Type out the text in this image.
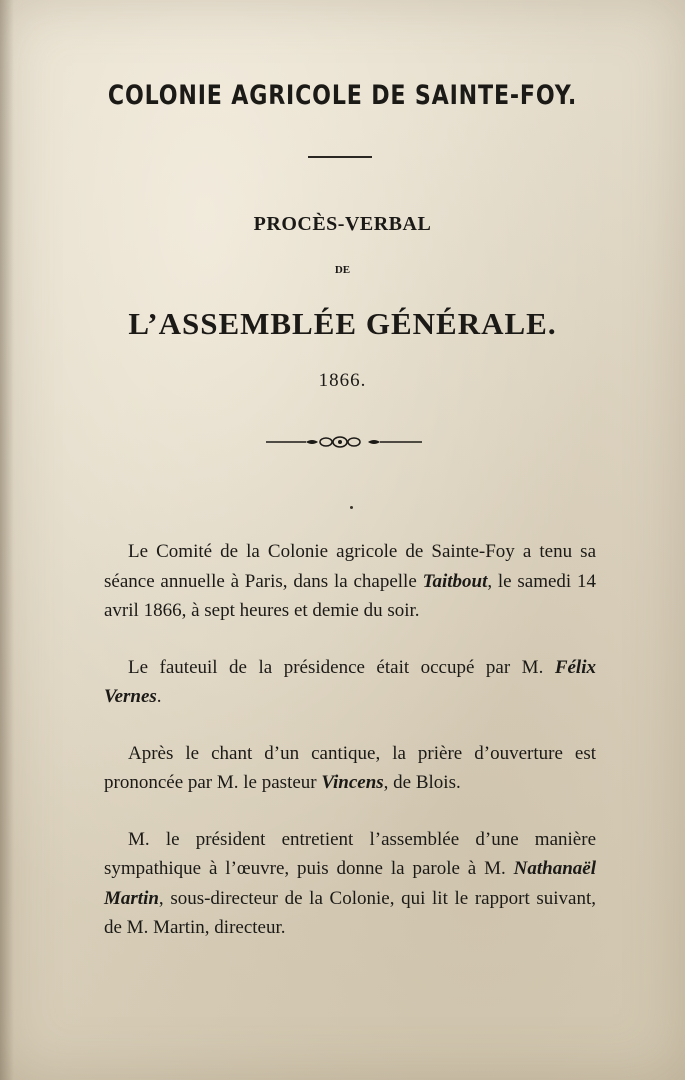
COLONIE AGRICOLE DE SAINTE-FOY.
PROCÈS-VERBAL
DE
L’ASSEMBLÉE GÉNÉRALE.
1866.

Le Comité de la Colonie agricole de Sainte-Foy a tenu sa séance annuelle à Paris, dans la chapelle Taitbout, le samedi 14 avril 1866, à sept heures et demie du soir.

Le fauteuil de la présidence était occupé par M. Félix Vernes.

Après le chant d’un cantique, la prière d’ouverture est prononcée par M. le pasteur Vincens, de Blois.

M. le président entretient l’assemblée d’une manière sympathique à l’œuvre, puis donne la parole à M. Nathanaël Martin, sous-directeur de la Colonie, qui lit le rapport suivant, de M. Martin, directeur.
